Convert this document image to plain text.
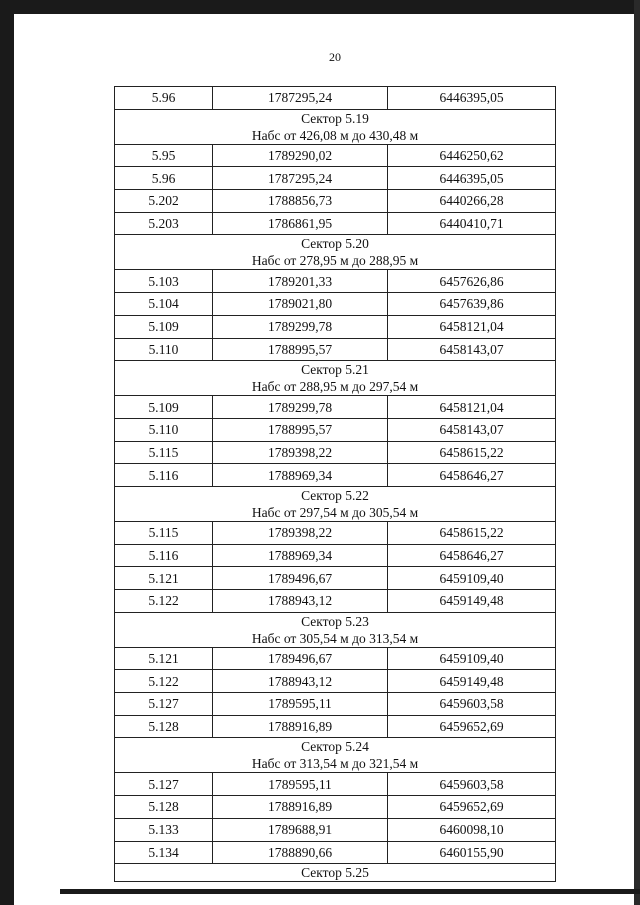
20
5.96	1787295,24	6446395,05

Сектор 5.19
Набс от 426,08 м до 430,48 м		

5.95	1789290,02	6446250,62
5.96	1787295,24	6446395,05
5.202	1788856,73	6440266,28
5.203	1786861,95	6440410,71

Сектор 5.20
Набс от 278,95 м до 288,95 м		

5.103	1789201,33	6457626,86
5.104	1789021,80	6457639,86
5.109	1789299,78	6458121,04
5.110	1788995,57	6458143,07

Сектор 5.21
Набс от 288,95 м до 297,54 м		

5.109	1789299,78	6458121,04
5.110	1788995,57	6458143,07
5.115	1789398,22	6458615,22
5.116	1788969,34	6458646,27

Сектор 5.22
Набс от 297,54 м до 305,54 м		

5.115	1789398,22	6458615,22
5.116	1788969,34	6458646,27
5.121	1789496,67	6459109,40
5.122	1788943,12	6459149,48

Сектор 5.23
Набс от 305,54 м до 313,54 м		

5.121	1789496,67	6459109,40
5.122	1788943,12	6459149,48
5.127	1789595,11	6459603,58
5.128	1788916,89	6459652,69

Сектор 5.24
Набс от 313,54 м до 321,54 м		

5.127	1789595,11	6459603,58
5.128	1788916,89	6459652,69
5.133	1789688,91	6460098,10
5.134	1788890,66	6460155,90

Сектор 5.25		
